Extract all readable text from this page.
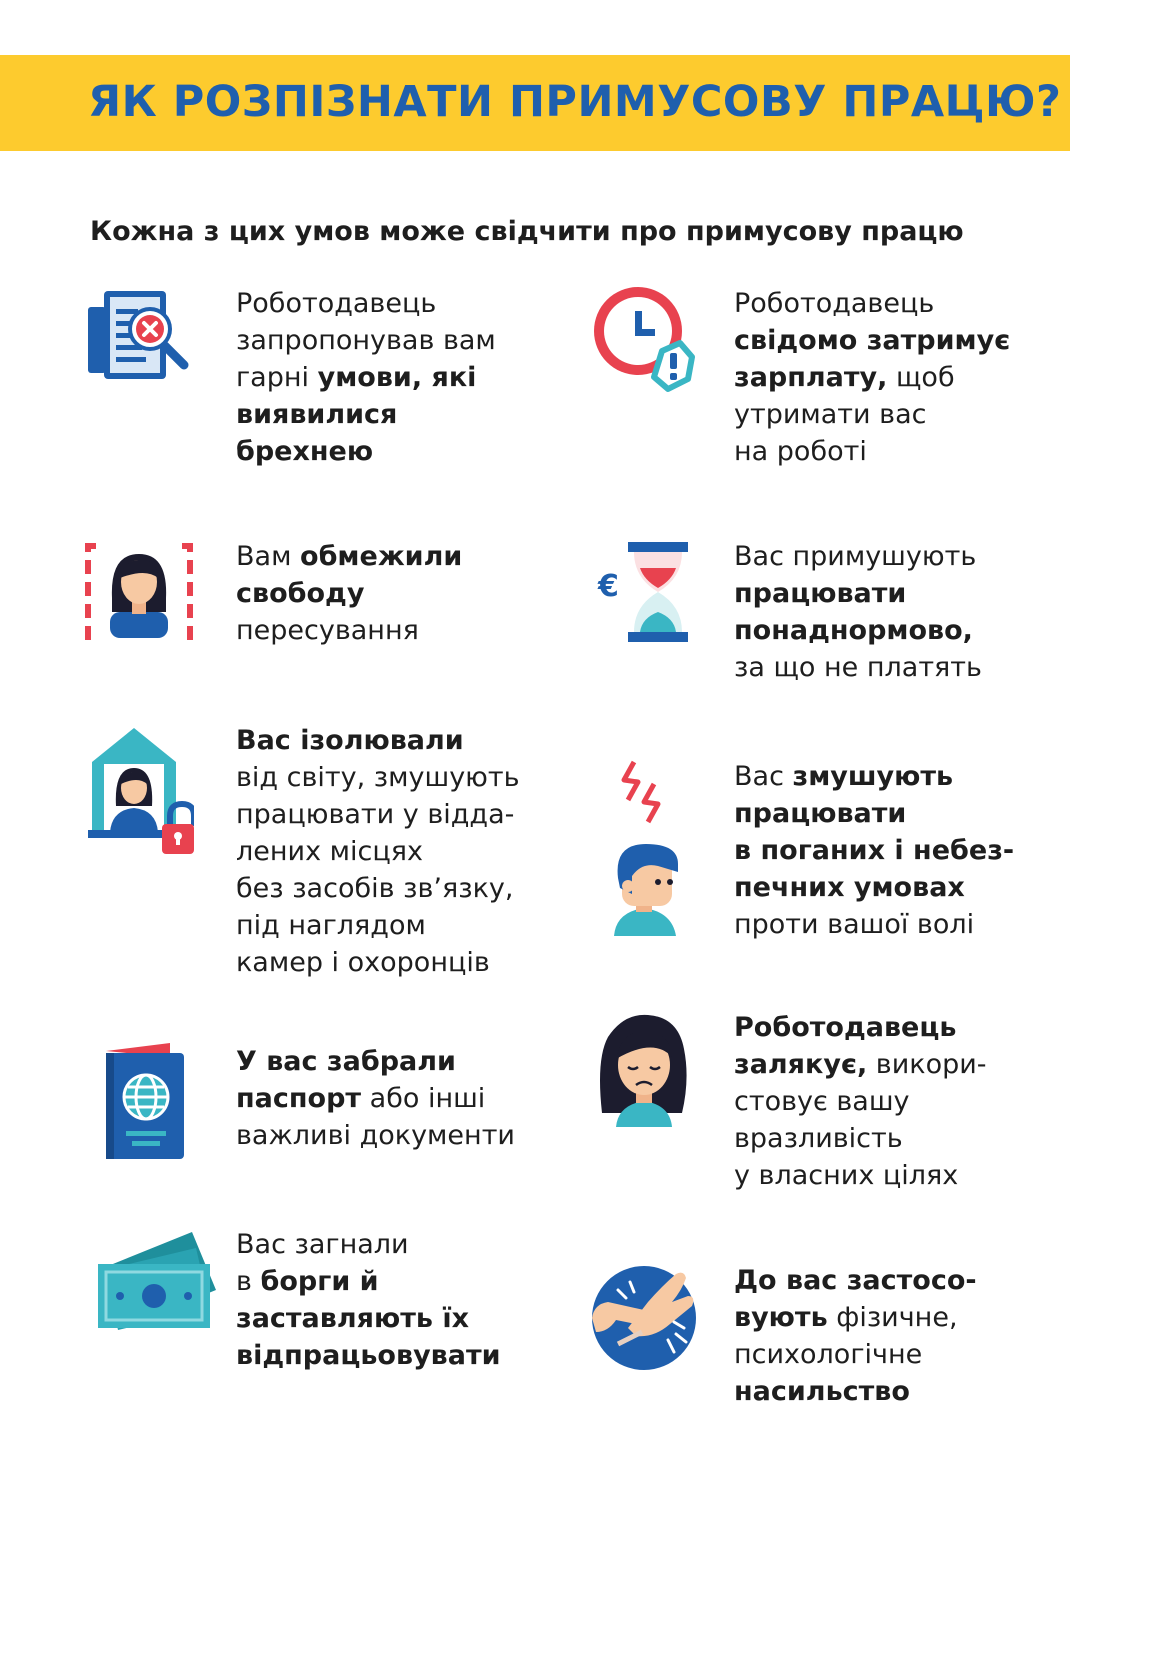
ЯК РОЗПІЗНАТИ ПРИМУСОВУ ПРАЦЮ?

Кожна з цих умов може свідчити про примусову працю

Роботодавець
запропонував вам
гарні умови, які
виявилися
брехнею
Роботодавець
свідомо затримує
зарплату, щоб
утримати вас
на роботі
Вам обмежили
свободу
пересування
€
Вас примушують
працювати
понаднормово,
за що не платять
Вас ізолювали
від світу, змушують
працювати у відда-
лених місцях
без засобів зв’язку,
під наглядом
камер і охоронців
Вас змушують
працювати
в поганих і небез-
печних умовах
проти вашої волі
У вас забрали
паспорт або інші
важливі документи
Роботодавець
залякує, викори-
стовує вашу
вразливість
у власних цілях
Вас загнали
в борги й
заставляють їх
відпрацьовувати
До вас застосо-
вують фізичне,
психологічне
насильство
